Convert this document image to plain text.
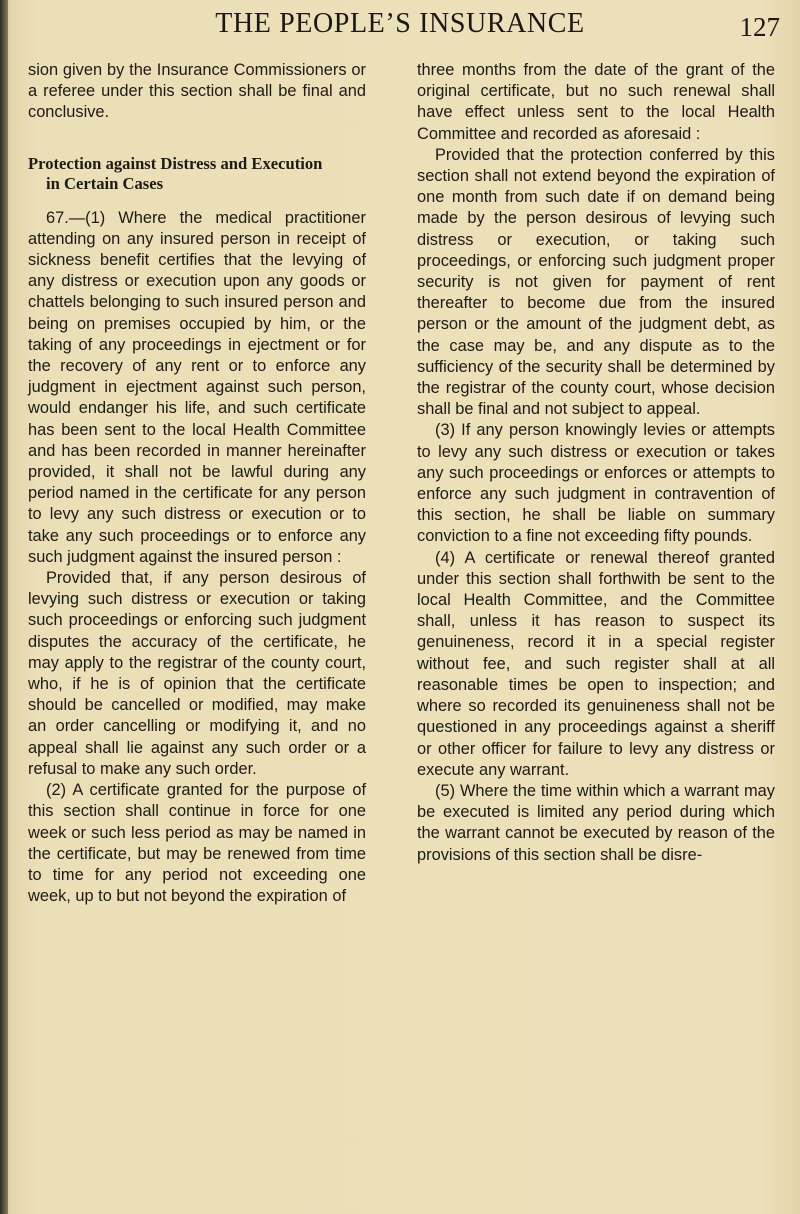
THE PEOPLE’S INSURANCE	127

sion given by the Insurance Commissioners or a referee under this section shall be final and conclusive.

Protection against Distress and Execution
in Certain Cases

67.—(1) Where the medical practitioner attending on any insured person in receipt of sickness benefit certifies that the levying of any distress or execution upon any goods or chattels belonging to such insured person and being on premises occupied by him, or the taking of any proceedings in ejectment or for the recovery of any rent or to enforce any judgment in ejectment against such person, would endanger his life, and such certificate has been sent to the local Health Committee and has been recorded in manner hereinafter provided, it shall not be lawful during any period named in the certificate for any person to levy any such distress or execution or to take any such proceedings or to enforce any such judgment against the insured person :

Provided that, if any person desirous of levying such distress or execution or taking such proceedings or enforcing such judgment disputes the accuracy of the certificate, he may apply to the registrar of the county court, who, if he is of opinion that the certificate should be cancelled or modified, may make an order cancelling or modifying it, and no appeal shall lie against any such order or a refusal to make any such order.

(2) A certificate granted for the purpose of this section shall continue in force for one week or such less period as may be named in the certificate, but may be renewed from time to time for any period not exceeding one week, up to but not beyond the expiration of

three months from the date of the grant of the original certificate, but no such renewal shall have effect unless sent to the local Health Committee and recorded as aforesaid :

Provided that the protection conferred by this section shall not extend beyond the expiration of one month from such date if on demand being made by the person desirous of levying such distress or execution, or taking such proceedings, or enforcing such judgment proper security is not given for payment of rent thereafter to become due from the insured person or the amount of the judgment debt, as the case may be, and any dispute as to the sufficiency of the security shall be determined by the registrar of the county court, whose decision shall be final and not subject to appeal.

(3) If any person knowingly levies or attempts to levy any such distress or execution or takes any such proceedings or enforces or attempts to enforce any such judgment in contravention of this section, he shall be liable on summary conviction to a fine not exceeding fifty pounds.

(4) A certificate or renewal thereof granted under this section shall forthwith be sent to the local Health Committee, and the Committee shall, unless it has reason to suspect its genuineness, record it in a special register without fee, and such register shall at all reasonable times be open to inspection; and where so recorded its genuineness shall not be questioned in any proceedings against a sheriff or other officer for failure to levy any distress or execute any warrant.

(5) Where the time within which a warrant may be executed is limited any period during which the warrant cannot be executed by reason of the provisions of this section shall be disre-
